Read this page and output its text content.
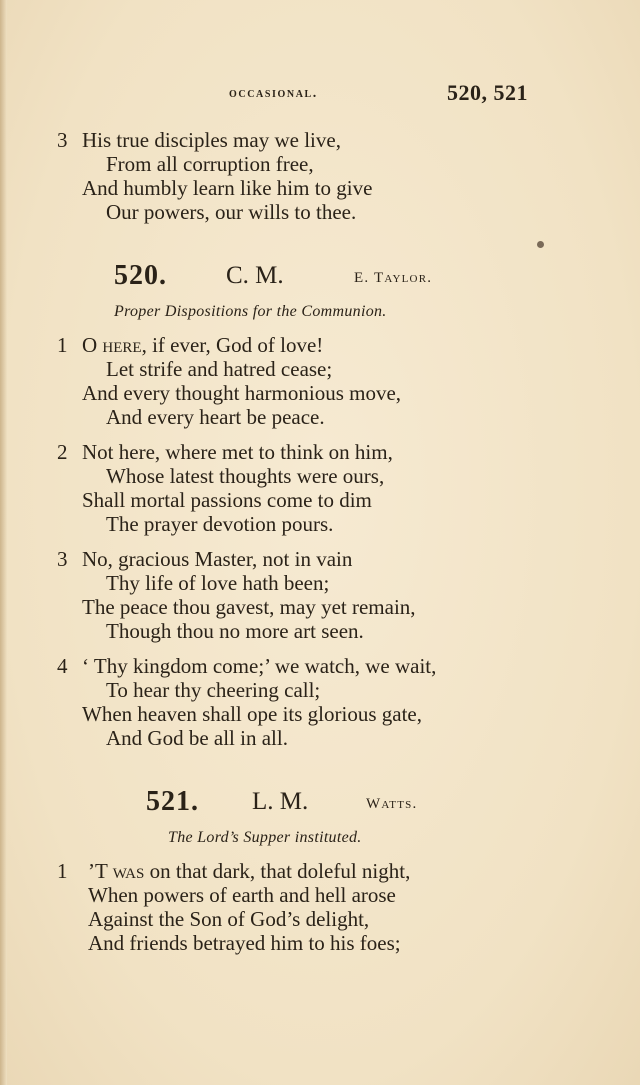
occasional.	520, 521
3 His true disciples may we live,
From all corruption free,
And humbly learn like him to give
Our powers, our wills to thee.
520. C. M.	E. Taylor.
Proper Dispositions for the Communion.
1 O here, if ever, God of love!
Let strife and hatred cease;
And every thought harmonious move,
And every heart be peace.
2 Not here, where met to think on him,
Whose latest thoughts were ours,
Shall mortal passions come to dim
The prayer devotion pours.
3 No, gracious Master, not in vain
Thy life of love hath been;
The peace thou gavest, may yet remain,
Though thou no more art seen.
4 ‘ Thy kingdom come;’ we watch, we wait,
To hear thy cheering call;
When heaven shall ope its glorious gate,
And God be all in all.
521. L. M.	Watts.
The Lord’s Supper instituted.
1 ’T was on that dark, that doleful night,
When powers of earth and hell arose
Against the Son of God’s delight,
And friends betrayed him to his foes;
